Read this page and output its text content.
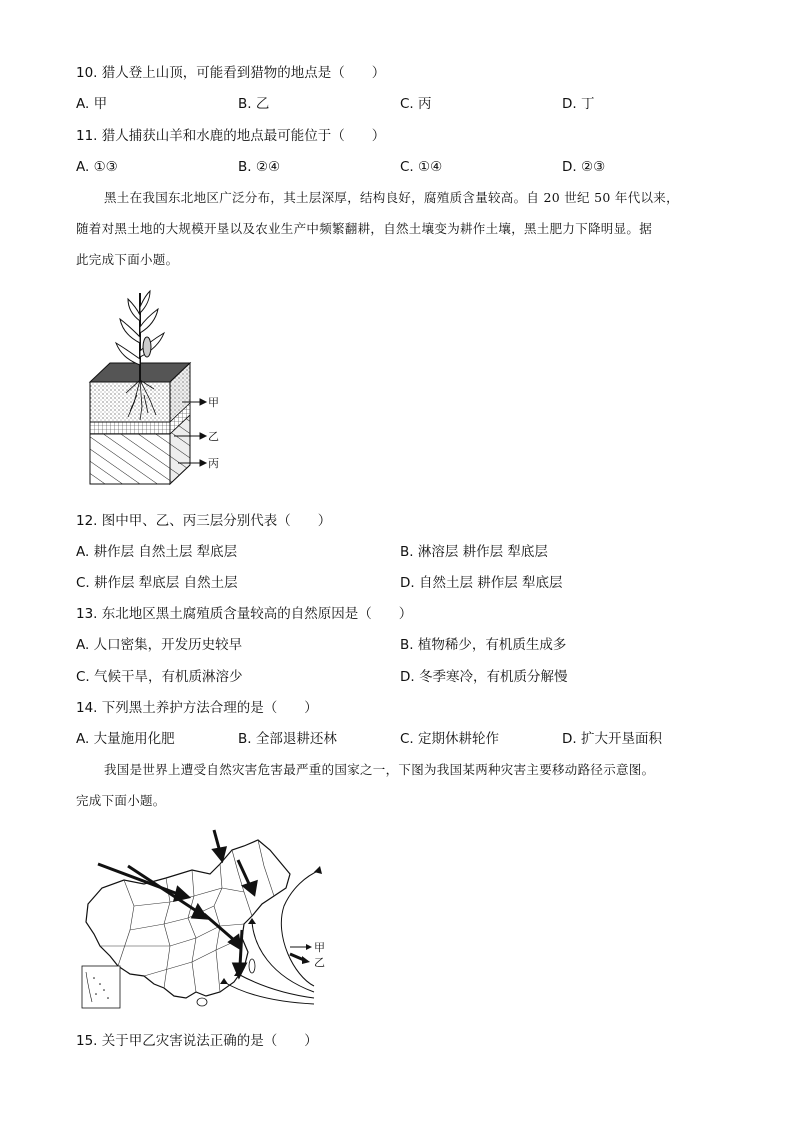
10. 猎人登上山顶，可能看到猎物的地点是（　　）
A. 甲	B. 乙	C. 丙	D. 丁
11. 猎人捕获山羊和水鹿的地点最可能位于（　　）
A. ①③	B. ②④	C. ①④	D. ②③
黑土在我国东北地区广泛分布，其土层深厚，结构良好，腐殖质含量较高。自 20 世纪 50 年代以来，
随着对黑土地的大规模开垦以及农业生产中频繁翻耕，自然土壤变为耕作土壤，黑土肥力下降明显。据
此完成下面小题。
甲
乙
丙
12. 图中甲、乙、丙三层分别代表（　　）
A. 耕作层 自然土层 犁底层	B. 淋溶层 耕作层 犁底层
C. 耕作层 犁底层 自然土层	D. 自然土层 耕作层 犁底层
13. 东北地区黑土腐殖质含量较高的自然原因是（　　）
A. 人口密集，开发历史较早	B. 植物稀少，有机质生成多
C. 气候干旱，有机质淋溶少	D. 冬季寒冷，有机质分解慢
14. 下列黑土养护方法合理的是（　　）
A. 大量施用化肥	B. 全部退耕还林	C. 定期休耕轮作	D. 扩大开垦面积
我国是世界上遭受自然灾害危害最严重的国家之一，下图为我国某两种灾害主要移动路径示意图。
完成下面小题。
甲
乙
15. 关于甲乙灾害说法正确的是（　　）
